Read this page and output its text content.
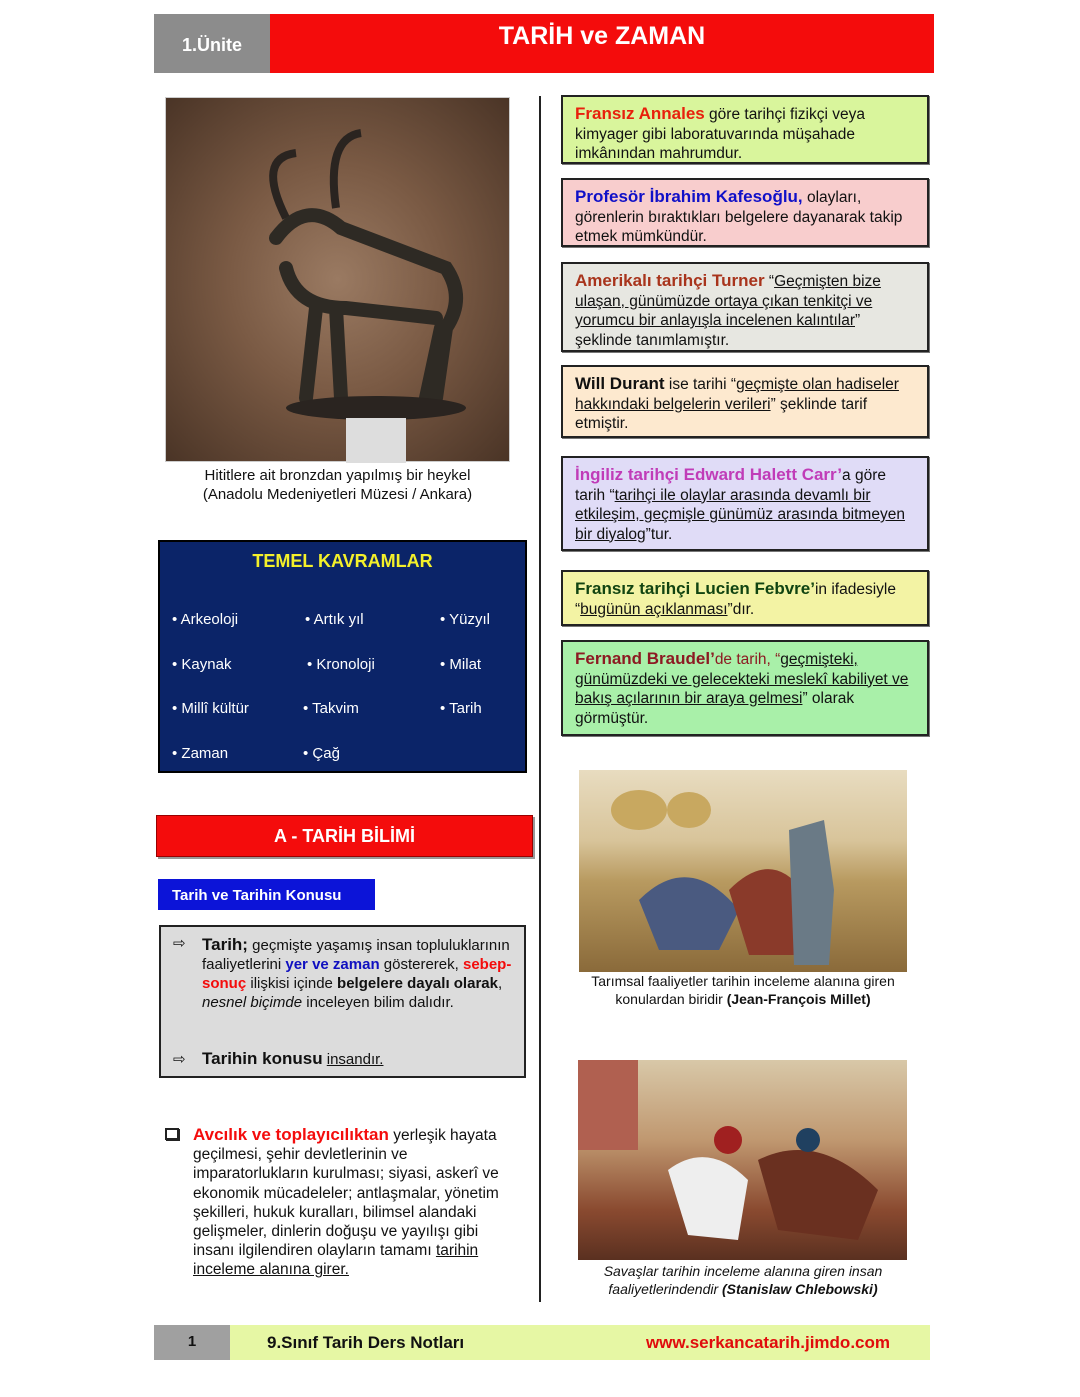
1.Ünite	TARİH ve ZAMAN
Hititlere ait bronzdan yapılmış bir heykel
(Anadolu Medeniyetleri Müzesi / Ankara)
TEMEL KAVRAMLAR
• Arkeoloji	• Artık yıl	• Yüzyıl
• Kaynak	• Kronoloji	• Milat
• Millî kültür	• Takvim	• Tarih
• Zaman	• Çağ
A - TARİH BİLİMİ
Tarih ve Tarihin Konusu
⇨ Tarih; geçmişte yaşamış insan topluluklarının faaliyetlerini yer ve zaman göstererek, sebep-sonuç ilişkisi içinde belgelere dayalı olarak, nesnel biçimde inceleyen bilim dalıdır.
⇨ Tarihin konusu insandır.
Avcılık ve toplayıcılıktan yerleşik hayata geçilmesi, şehir devletlerinin ve imparatorlukların kurulması; siyasi, askerî ve ekonomik mücadeleler; antlaşmalar, yönetim şekilleri, hukuk kuralları, bilimsel alandaki gelişmeler, dinlerin doğuşu ve yayılışı gibi insanı ilgilendiren olayların tamamı tarihin inceleme alanına girer.
Fransız Annales göre tarihçi fizikçi veya kimyager gibi laboratuvarında müşahade imkânından mahrumdur.
Profesör İbrahim Kafesoğlu, olayları, görenlerin bıraktıkları belgelere dayanarak takip etmek mümkündür.
Amerikalı tarihçi Turner “Geçmişten bize ulaşan, günümüzde ortaya çıkan tenkitçi ve yorumcu bir anlayışla incelenen kalıntılar” şeklinde tanımlamıştır.
Will Durant ise tarihi “geçmişte olan hadiseler hakkındaki belgelerin verileri” şeklinde tarif etmiştir.
İngiliz tarihçi Edward Halett Carr’a göre tarih “tarihçi ile olaylar arasında devamlı bir etkileşim, geçmişle günümüz arasında bitmeyen bir diyalog”tur.
Fransız tarihçi Lucien Febvre’in ifadesiyle “bugünün açıklanması”dır.
Fernand Braudel’de tarih, “geçmişteki, günümüzdeki ve gelecekteki meslekî kabiliyet ve bakış açılarının bir araya gelmesi” olarak görmüştür.
Tarımsal faaliyetler tarihin inceleme alanına giren
konulardan biridir (Jean-François Millet)
Savaşlar tarihin inceleme alanına giren insan
faaliyetlerindendir (Stanislaw Chlebowski)
1	9.Sınıf Tarih Ders Notları	www.serkancatarih.jimdo.com
